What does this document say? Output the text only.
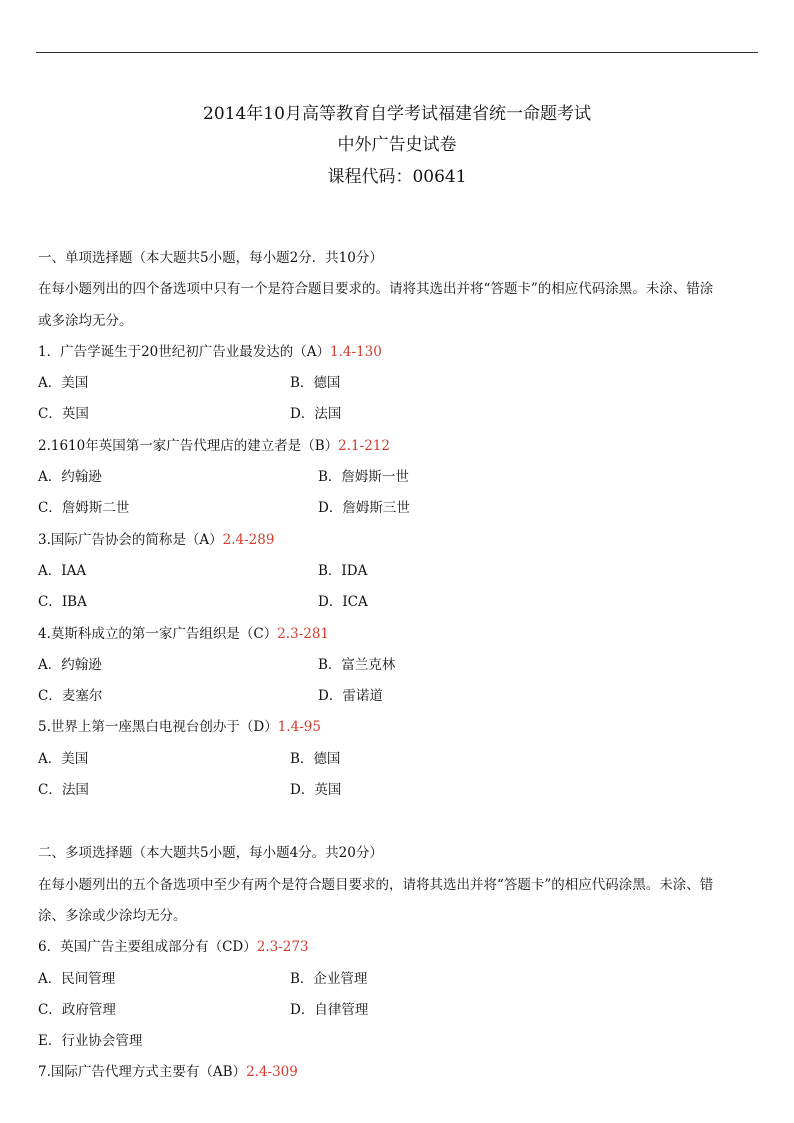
2014年10月高等教育自学考试福建省统一命题考试
中外广告史试卷
课程代码：00641
一、单项选择题（本大题共5小题，每小题2分．共10分）
在每小题列出的四个备选项中只有一个是符合题目要求的。请将其选出并将“答题卡”的相应代码涂黑。未涂、错涂
或多涂均无分。
1．广告学诞生于20世纪初广告业最发达的（A）1.4-130
A．美国	B．德国
C．英国	D．法国
2.1610年英国第一家广告代理店的建立者是（B）2.1-212
A．约翰逊	B．詹姆斯一世
C．詹姆斯二世	D．詹姆斯三世
3.国际广告协会的简称是（A）2.4-289
A．IAA	B．IDA
C．IBA	D．ICA
4.莫斯科成立的第一家广告组织是（C）2.3-281
A．约翰逊	B．富兰克林
C．麦塞尔	D．雷诺道
5.世界上第一座黑白电视台创办于（D）1.4-95
A．美国	B．德国
C．法国	D．英国
二、多项选择题（本大题共5小题，每小题4分。共20分）
在每小题列出的五个备选项中至少有两个是符合题目要求的，请将其选出并将“答题卡”的相应代码涂黑。未涂、错
涂、多涂或少涂均无分。
6．英国广告主要组成部分有（CD）2.3-273
A．民间管理	B．企业管理
C．政府管理	D．自律管理
E．行业协会管理
7.国际广告代理方式主要有（AB）2.4-309
